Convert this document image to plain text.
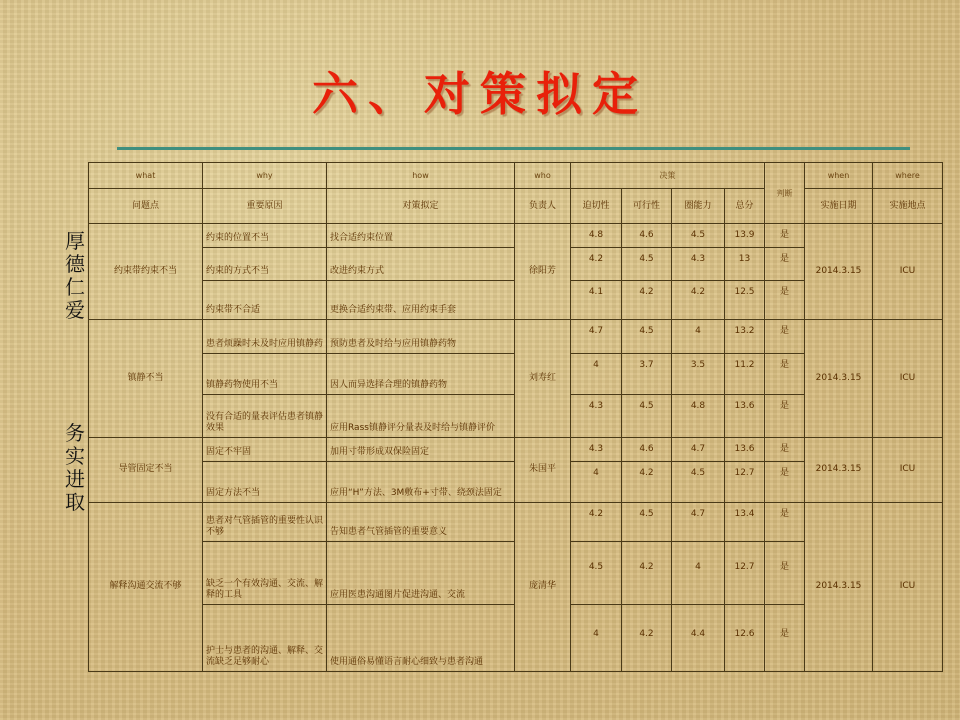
六、对策拟定
厚德仁爱
务实进取
what	why	how	who	决策				判断	when	where
问题点	重要原因	对策拟定	负责人	迫切性	可行性	圈能力	总分		实施日期	实施地点
约束带约束不当	约束的位置不当	找合适约束位置	徐阳芳	4.8	4.6	4.5	13.9	是	2014.3.15	ICU
	约束的方式不当	改进约束方式		4.2	4.5	4.3	13	是		
	约束带不合适	更换合适约束带、应用约束手套		4.1	4.2	4.2	12.5	是		
镇静不当	患者烦躁时未及时应用镇静药	预防患者及时给与应用镇静药物	刘寿红	4.7	4.5	4	13.2	是	2014.3.15	ICU
	镇静药物使用不当	因人而异选择合理的镇静药物		4	3.7	3.5	11.2	是		
	没有合适的量表评估患者镇静效果	应用Rass镇静评分量表及时给与镇静评价		4.3	4.5	4.8	13.6	是		
导管固定不当	固定不牢固	加用寸带形成双保险固定	朱国平	4.3	4.6	4.7	13.6	是	2014.3.15	ICU
	固定方法不当	应用“H”方法、3M敷布+寸带、绕颈法固定		4	4.2	4.5	12.7	是		
解释沟通交流不够	患者对气管插管的重要性认识不够	告知患者气管插管的重要意义	庞清华	4.2	4.5	4.7	13.4	是	2014.3.15	ICU
	缺乏一个有效沟通、交流、解释的工具	应用医患沟通图片促进沟通、交流		4.5	4.2	4	12.7	是		
	护士与患者的沟通、解释、交流缺乏足够耐心	使用通俗易懂语言耐心细致与患者沟通		4	4.2	4.4	12.6	是		
